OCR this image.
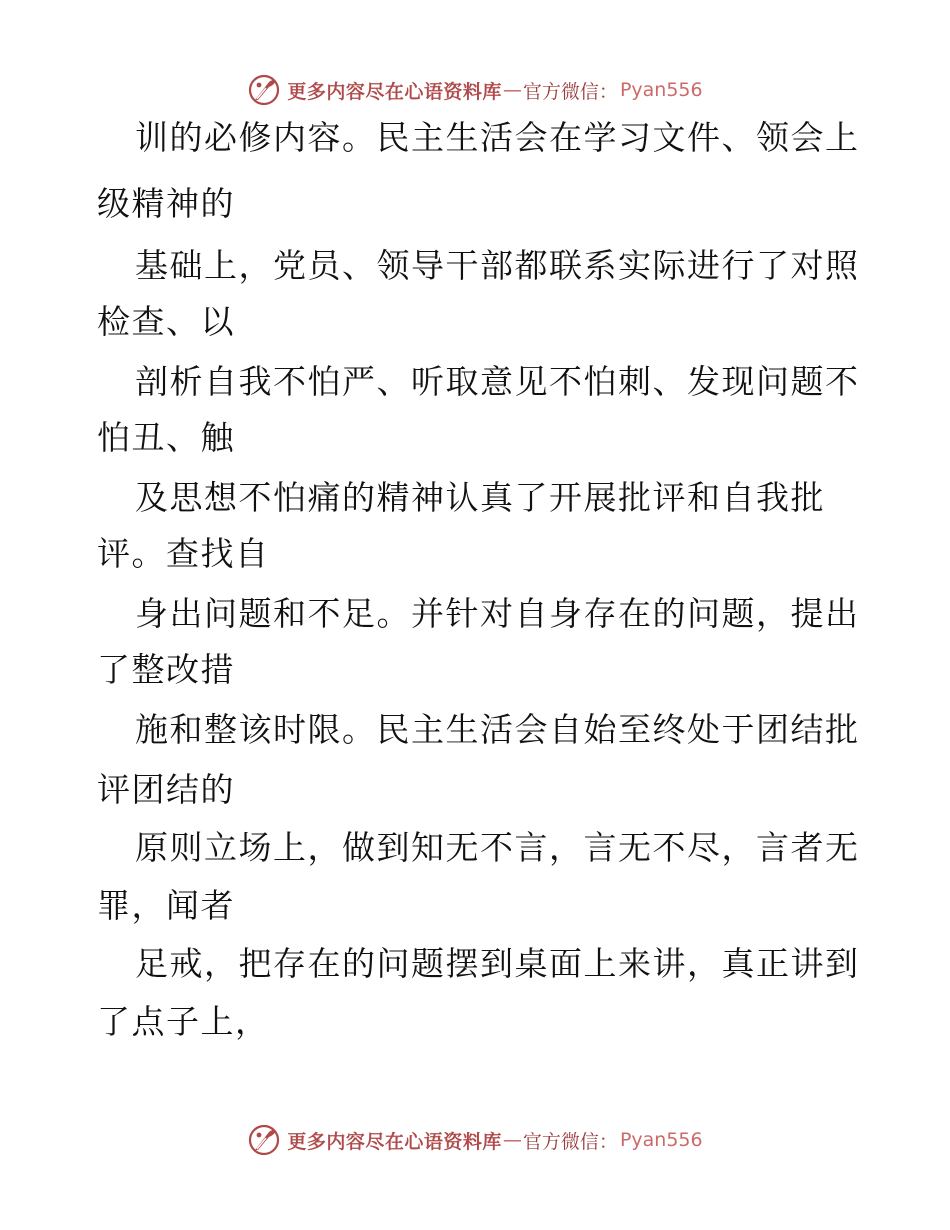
更多内容尽在心语资料库 — 官方微信： Pyan556
训的必修内容。民主生活会在学习文件、领会上
级精神的
基础上，党员、领导干部都联系实际进行了对照
检查、以
剖析自我不怕严、听取意见不怕刺、发现问题不
怕丑、触
及思想不怕痛的精神认真了开展批评和自我批
评。查找自
身出问题和不足。并针对自身存在的问题，提出
了整改措
施和整该时限。民主生活会自始至终处于团结批
评团结的
原则立场上，做到知无不言，言无不尽，言者无
罪，闻者
足戒，把存在的问题摆到桌面上来讲，真正讲到
了点子上，
更多内容尽在心语资料库 — 官方微信： Pyan556
